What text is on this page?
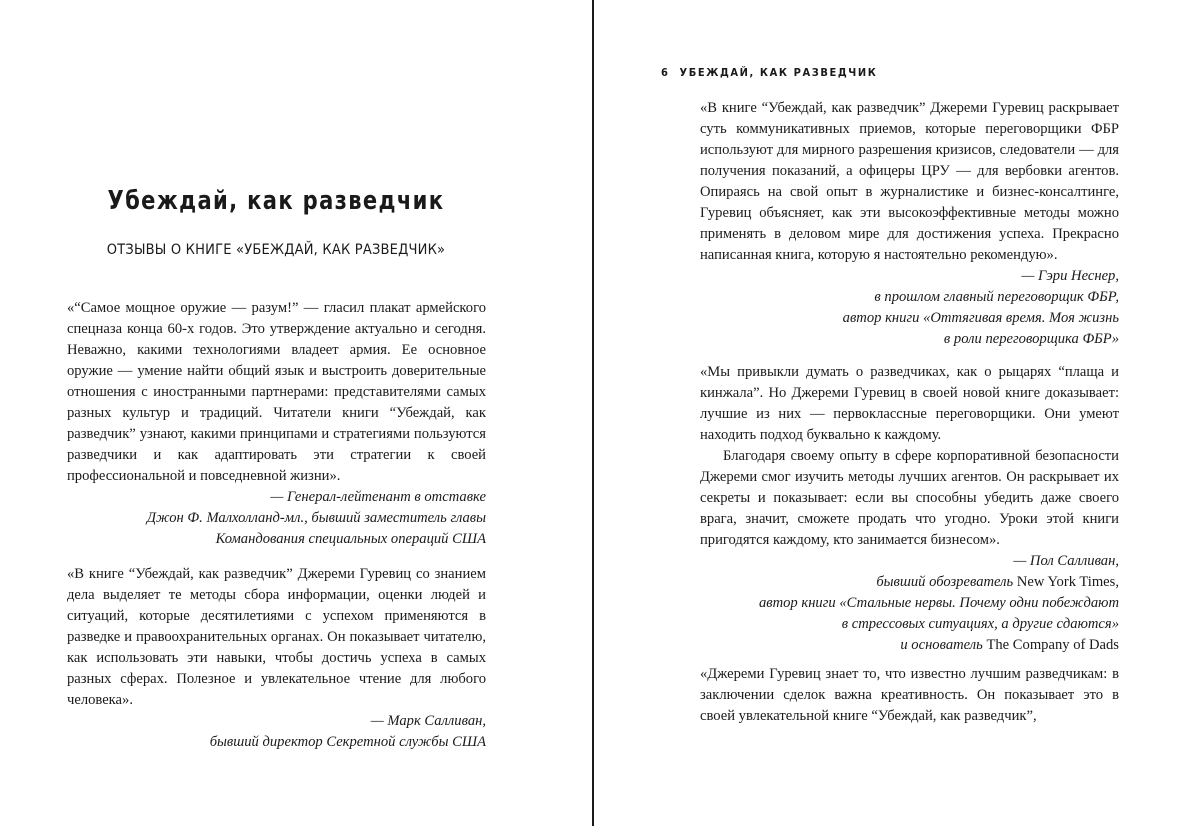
Убеждай, как разведчик
ОТЗЫВЫ О КНИГЕ «УБЕЖДАЙ, КАК РАЗВЕДЧИК»
«“Самое мощное оружие — разум!” — гласил плакат армейского спецназа конца 60-х годов. Это утверждение актуально и сегодня. Неважно, какими технологиями владеет армия. Ее основное оружие — умение найти общий язык и выстроить доверительные отношения с иностранными партнерами: представителями самых разных культур и традиций. Читатели книги “Убеждай, как разведчик” узнают, какими принципами и стратегиями пользуются разведчики и как адаптировать эти стратегии к своей профессиональной и повседневной жизни».
— Генерал-лейтенант в отставке
Джон Ф. Малхолланд-мл., бывший заместитель главы
Командования специальных операций США
«В книге “Убеждай, как разведчик” Джереми Гуревиц со знанием дела выделяет те методы сбора информации, оценки людей и ситуаций, которые десятилетиями с успехом применяются в разведке и правоохранительных органах. Он показывает читателю, как использовать эти навыки, чтобы достичь успеха в самых разных сферах. Полезное и увлекательное чтение для любого человека».
— Марк Салливан,
бывший директор Секретной службы США
6 УБЕЖДАЙ, КАК РАЗВЕДЧИК
«В книге “Убеждай, как разведчик” Джереми Гуревиц раскрывает суть коммуникативных приемов, которые переговорщики ФБР используют для мирного разрешения кризисов, следователи — для получения показаний, а офицеры ЦРУ — для вербовки агентов. Опираясь на свой опыт в журналистике и бизнес-консалтинге, Гуревиц объясняет, как эти высокоэффективные методы можно применять в деловом мире для достижения успеха. Прекрасно написанная книга, которую я настоятельно рекомендую».
— Гэри Неснер,
в прошлом главный переговорщик ФБР,
автор книги «Оттягивая время. Моя жизнь
в роли переговорщика ФБР»
«Мы привыкли думать о разведчиках, как о рыцарях “плаща и кинжала”. Но Джереми Гуревиц в своей новой книге доказывает: лучшие из них — первоклассные переговорщики. Они умеют находить подход буквально к каждому.
Благодаря своему опыту в сфере корпоративной безопасности Джереми смог изучить методы лучших агентов. Он раскрывает их секреты и показывает: если вы способны убедить даже своего врага, значит, сможете продать что угодно. Уроки этой книги пригодятся каждому, кто занимается бизнесом».
— Пол Салливан,
бывший обозреватель New York Times,
автор книги «Стальные нервы. Почему одни побеждают
в стрессовых ситуациях, а другие сдаются»
и основатель The Company of Dads
«Джереми Гуревиц знает то, что известно лучшим разведчикам: в заключении сделок важна креативность. Он показывает это в своей увлекательной книге “Убеждай, как разведчик”,
